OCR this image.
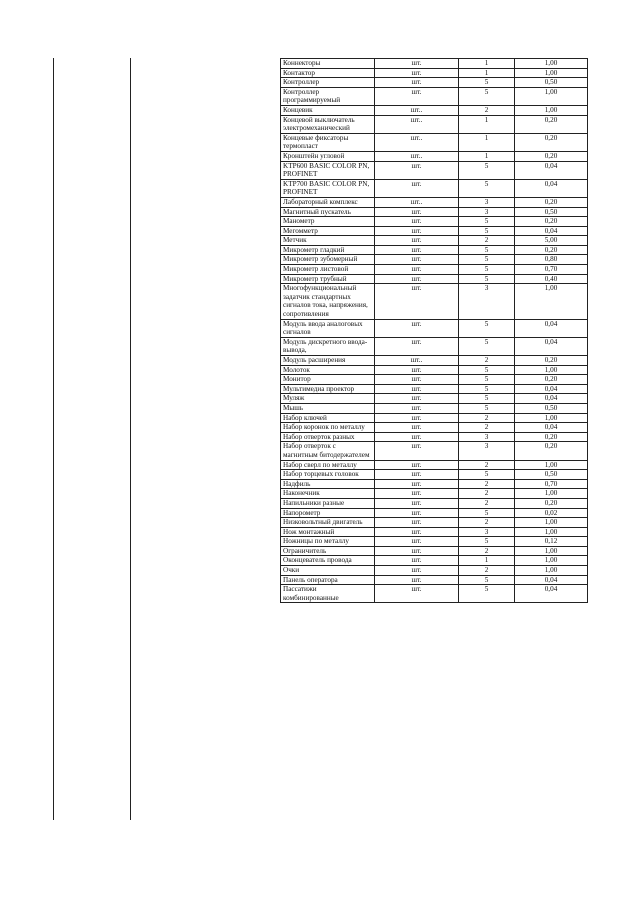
Коннекторы	шт.	1	1,00
Контактор	шт.	1	1,00
Контроллер	шт.	5	0,50
Контроллер программируемый	шт.	5	1,00
Концевик	шт..	2	1,00
Концевой выключатель электромеханический	шт..	1	0,20
Концевые фиксаторы термопласт	шт..	1	0,20
Кронштейн угловой	шт..	1	0,20
KTP600 BASIC COLOR PN, PROFINET	шт.	5	0,04
KTP700 BASIC COLOR PN, PROFINET	шт.	5	0,04
Лабораторный комплекс	шт..	3	0,20
Магнитный пускатель	шт.	3	0,50
Манометр	шт.	5	0,20
Мегомметр	шт.	5	0,04
Метчик	шт.	2	5,00
Микрометр гладкий	шт.	5	0,20
Микрометр зубомерный	шт.	5	0,80
Микрометр листовой	шт.	5	0,70
Микрометр трубный	шт.	5	0,40
Многофункциональный задатчик стандартных сигналов тока, напряжения, сопротивления	шт.	3	1,00
Модуль ввода аналоговых сигналов	шт.	5	0,04
Модуль дискретного ввода-вывода,	шт.	5	0,04
Модуль расширения	шт..	2	0,20
Молоток	шт.	5	1,00
Монитор	шт.	5	0,20
Мультимедиа проектор	шт.	5	0,04
Муляж	шт.	5	0,04
Мышь	шт.	5	0,50
Набор ключей	шт.	2	1,00
Набор коронок по металлу	шт.	2	0,04
Набор отверток разных	шт.	3	0,20
Набор отверток с магнитным битодержателем	шт.	3	0,20
Набор сверл по металлу	шт.	2	1,00
Набор торцевых головок	шт.	5	0,50
Надфиль	шт.	2	0,70
Наконечник	шт.	2	1,00
Напильники разные	шт.	2	0,20
Напорометр	шт.	5	0,02
Низковольтный двигатель	шт.	2	1,00
Нож монтажный	шт.	3	1,00
Ножницы по металлу	шт.	5	0,12
Ограничитель	шт.	2	1,00
Оконцеватель провода	шт.	1	1,00
Очки	шт.	2	1,00
Панель оператора	шт.	5	0,04
Пассатижи комбинированные	шт.	5	0,04
